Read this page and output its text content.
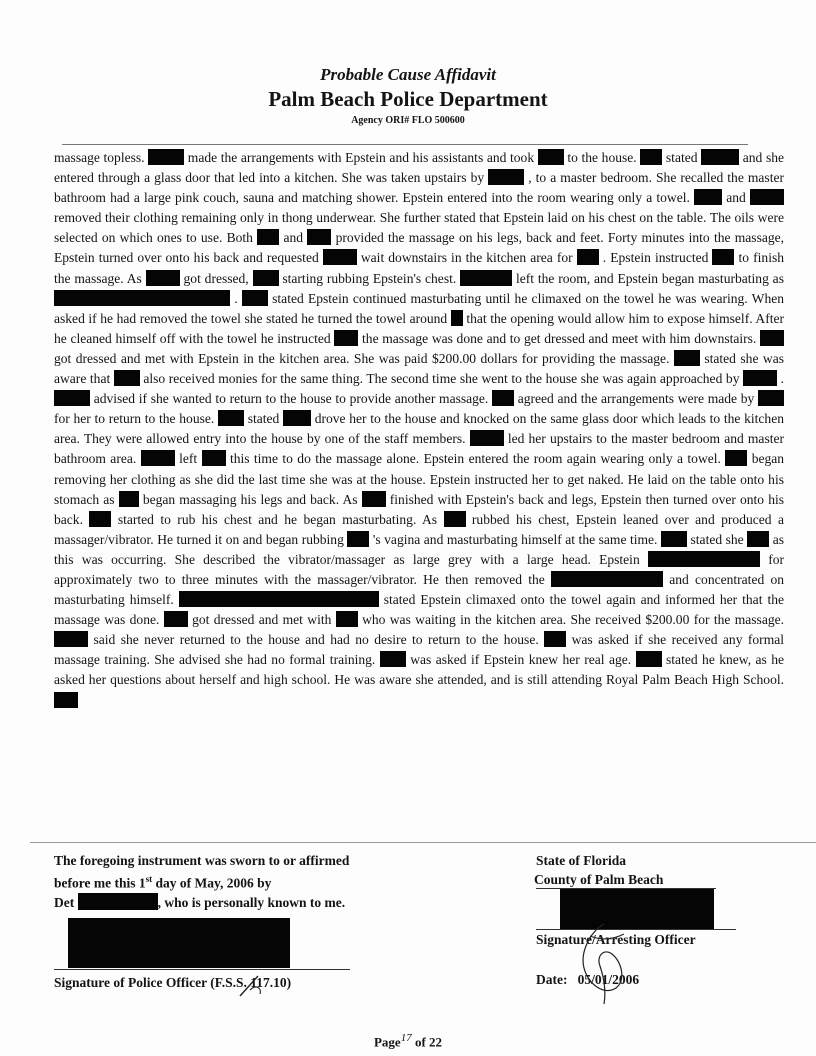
Probable Cause Affidavit
Palm Beach Police Department
Agency ORI# FLO 500600
massage topless.	made the arrangements with Epstein and his assistants and took to the house. stated	and she entered through a glass door that led into a kitchen. She was taken upstairs by	, to a master bedroom. She recalled the master bathroom had a large pink couch, sauna and matching shower. Epstein entered into the room wearing only a towel.	and  removed their clothing remaining only in thong underwear. She further stated that Epstein laid on his chest on the table. The oils were selected on which ones to use. Both and provided the massage on his legs, back and feet. Forty minutes into the massage, Epstein turned over onto his back and requested	wait downstairs in the kitchen area for . Epstein instructed to finish the massage. As	got dressed, starting rubbing Epstein's chest.	left the room, and Epstein began masturbating as  .	stated Epstein continued masturbating until he climaxed on the towel he was wearing. When asked if he had removed the towel she stated he turned the towel around that the opening would allow him to expose himself. After he cleaned himself off with the towel he instructed the massage was done and to get dressed and meet with him downstairs.  got dressed and met with Epstein in the kitchen area. She was paid $200.00 dollars for providing the massage.	stated she was aware that also received monies for the same thing. The second time she went to the house she was again approached by	.  advised if she wanted to return to the house to provide another massage. agreed and the arrangements were made by  for her to return to the house. stated	drove her to the house and knocked on the same glass door which leads to the kitchen area. They were allowed entry into the house by one of the staff members.	led her upstairs to the master bedroom and master bathroom area.	left this time to do the massage alone. Epstein entered the room again wearing only a towel. began removing her clothing as she did the last time she was at the house. Epstein instructed her to get naked. He laid on the table onto his stomach as began massaging his legs and back. As finished with Epstein's back and legs, Epstein then turned over onto his back.	started to rub his chest and he began masturbating. As	rubbed his chest, Epstein leaned over and produced a massager/vibrator. He turned it on and began rubbing 's vagina and masturbating himself at the same time. stated she as this was occurring. She described the vibrator/massager as large grey with a large head. Epstein	for approximately two to three minutes with the massager/vibrator. He then removed the	and concentrated on masturbating himself.	stated Epstein climaxed onto the towel again and informed her that the massage was done. got dressed and met with who was waiting in the kitchen area. She received $200.00 for the massage.  said she never returned to the house and had no desire to return to the house. was asked if she received any formal massage training. She advised she had no formal training.	was asked if Epstein knew her real age.	stated he knew, as he asked her questions about herself and high school. He was aware she attended, and is still attending Royal Palm Beach High School.
The foregoing instrument was sworn to or affirmed
before me this 1st day of May, 2006 by
Det	, who is personally known to me.
Signature of Police Officer (F.S.S. 117.10)
State of Florida
County of Palm Beach
Signature/Arresting Officer
Date: 05/01/2006
Page$^{17}$ of 22
